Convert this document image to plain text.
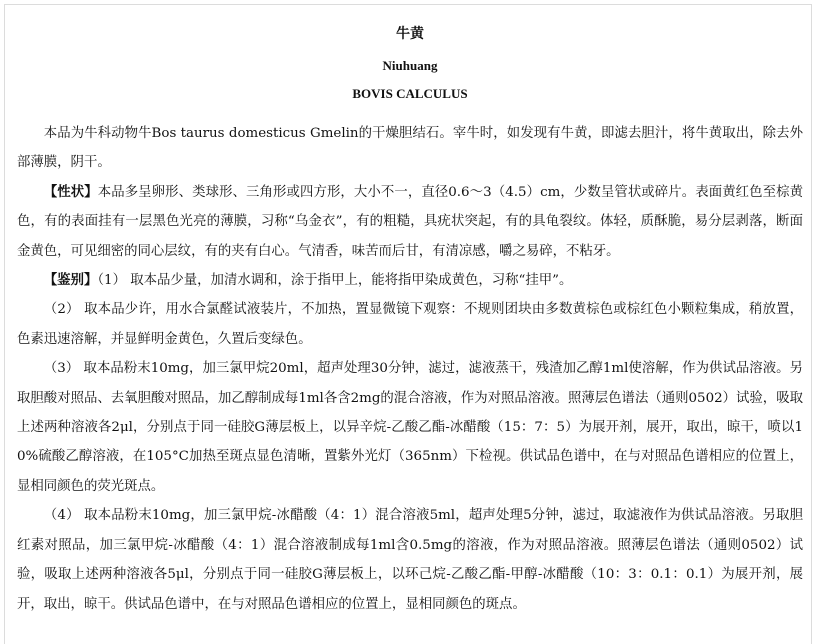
牛黄
Niuhuang
BOVIS CALCULUS

本品为牛科动物牛Bos taurus domesticus Gmelin的干燥胆结石。宰牛时，如发现有牛黄，即滤去胆汁，将牛黄取出，除去外部薄膜，阴干。

【性状】本品多呈卵形、类球形、三角形或四方形，大小不一，直径0.6～3（4.5）cm，少数呈管状或碎片。表面黄红色至棕黄色，有的表面挂有一层黑色光亮的薄膜，习称“乌金衣”，有的粗糙，具疣状突起，有的具龟裂纹。体轻，质酥脆，易分层剥落，断面金黄色，可见细密的同心层纹，有的夹有白心。气清香，味苦而后甘，有清凉感，嚼之易碎，不粘牙。

【鉴别】（1） 取本品少量，加清水调和，涂于指甲上，能将指甲染成黄色，习称“挂甲”。

（2） 取本品少许，用水合氯醛试液装片，不加热，置显微镜下观察：不规则团块由多数黄棕色或棕红色小颗粒集成，稍放置，色素迅速溶解，并显鲜明金黄色，久置后变绿色。

（3） 取本品粉末10mg，加三氯甲烷20ml，超声处理30分钟，滤过，滤液蒸干，残渣加乙醇1ml使溶解，作为供试品溶液。另取胆酸对照品、去氧胆酸对照品，加乙醇制成每1ml各含2mg的混合溶液，作为对照品溶液。照薄层色谱法（通则0502）试验，吸取上述两种溶液各2μl，分别点于同一硅胶G薄层板上，以异辛烷-乙酸乙酯-冰醋酸（15：7：5）为展开剂，展开，取出，晾干，喷以10%硫酸乙醇溶液，在105°C加热至斑点显色清晰，置紫外光灯（365nm）下检视。供试品色谱中，在与对照品色谱相应的位置上，显相同颜色的荧光斑点。

（4） 取本品粉末10mg，加三氯甲烷-冰醋酸（4：1）混合溶液5ml，超声处理5分钟，滤过，取滤液作为供试品溶液。另取胆红素对照品，加三氯甲烷-冰醋酸（4：1）混合溶液制成每1ml含0.5mg的溶液，作为对照品溶液。照薄层色谱法（通则0502）试验，吸取上述两种溶液各5μl，分别点于同一硅胶G薄层板上，以环己烷-乙酸乙酯-甲醇-冰醋酸（10：3：0.1：0.1）为展开剂，展开，取出，晾干。供试品色谱中，在与对照品色谱相应的位置上，显相同颜色的斑点。
